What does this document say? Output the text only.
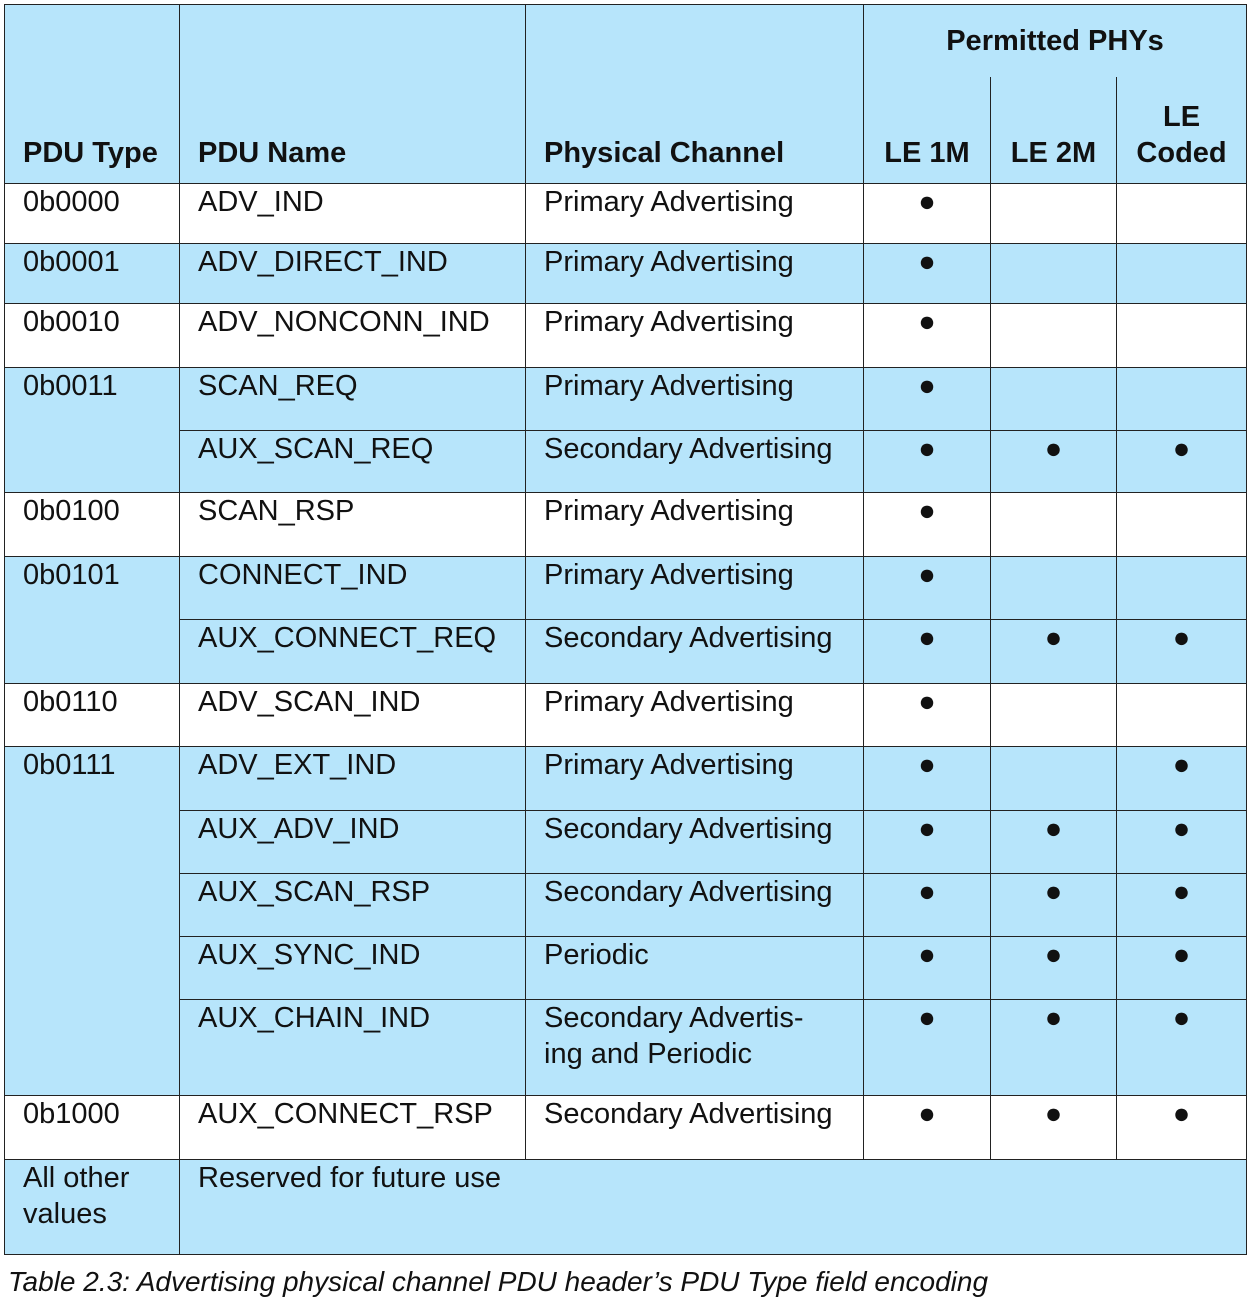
PDU Type	PDU Name	Physical Channel	Permitted PHYs		
			LE 1M	LE 2M	LE
Coded
0b0000	ADV_IND	Primary Advertising	●		
0b0001	ADV_DIRECT_IND	Primary Advertising	●		
0b0010	ADV_NONCONN_IND	Primary Advertising	●		
0b0011	SCAN_REQ	Primary Advertising	●		
	AUX_SCAN_REQ	Secondary Advertising	●	●	●
0b0100	SCAN_RSP	Primary Advertising	●		
0b0101	CONNECT_IND	Primary Advertising	●		
	AUX_CONNECT_REQ	Secondary Advertising	●	●	●
0b0110	ADV_SCAN_IND	Primary Advertising	●		
0b0111	ADV_EXT_IND	Primary Advertising	●		●
	AUX_ADV_IND	Secondary Advertising	●	●	●
	AUX_SCAN_RSP	Secondary Advertising	●	●	●
	AUX_SYNC_IND	Periodic	●	●	●
	AUX_CHAIN_IND	Secondary Advertis-
ing and Periodic	●	●	●
0b1000	AUX_CONNECT_RSP	Secondary Advertising	●	●	●
All other
values	Reserved for future use				
Table 2.3: Advertising physical channel PDU header’s PDU Type field encoding
